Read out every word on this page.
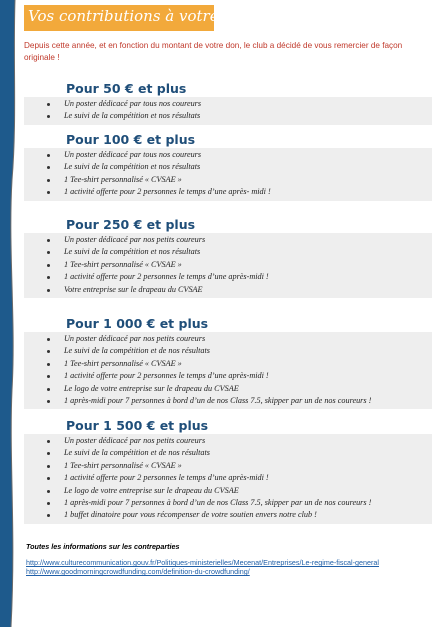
Vos contributions à votre don
Depuis cette année, et en fonction du montant de votre don, le club a décidé de vous remercier de façon originale !
Pour 50 € et plus
Un poster dédicacé par tous nos coureurs
Le suivi de la compétition et nos résultats
Pour 100 € et plus
Un poster dédicacé par tous nos coureurs
Le suivi de la compétition et nos résultats
1 Tee-shirt personnalisé « CVSAE »
1 activité offerte pour 2 personnes le temps d’une après- midi !
Pour 250 € et plus
Un poster dédicacé par nos petits coureurs
Le suivi de la compétition et nos résultats
1 Tee-shirt personnalisé « CVSAE »
1 activité offerte pour 2 personnes le temps d’une après-midi !
Votre entreprise sur le drapeau du CVSAE
Pour 1 000 € et plus
Un poster dédicacé par nos petits coureurs
Le suivi de la compétition et de nos résultats
1 Tee-shirt personnalisé « CVSAE »
1 activité offerte pour 2 personnes le temps d’une après-midi !
Le logo de votre entreprise sur le drapeau du CVSAE
1 après-midi pour 7 personnes à bord d’un de nos Class 7.5, skipper par un de nos coureurs !
Pour 1 500 € et plus
Un poster dédicacé par nos petits coureurs
Le suivi de la compétition et de nos résultats
1 Tee-shirt personnalisé « CVSAE »
1 activité offerte pour 2 personnes le temps d’une après-midi !
Le logo de votre entreprise sur le drapeau du CVSAE
1 après-midi pour 7 personnes à bord d’un de nos Class 7.5, skipper par un de nos coureurs !
1 buffet dinatoire pour vous récompenser de votre soutien envers notre club !
Toutes les informations sur les contreparties
http://www.culturecommunication.gouv.fr/Politiques-ministerielles/Mecenat/Entreprises/Le-regime-fiscal-general
http://www.goodmorningcrowdfunding.com/definition-du-crowdfunding/
